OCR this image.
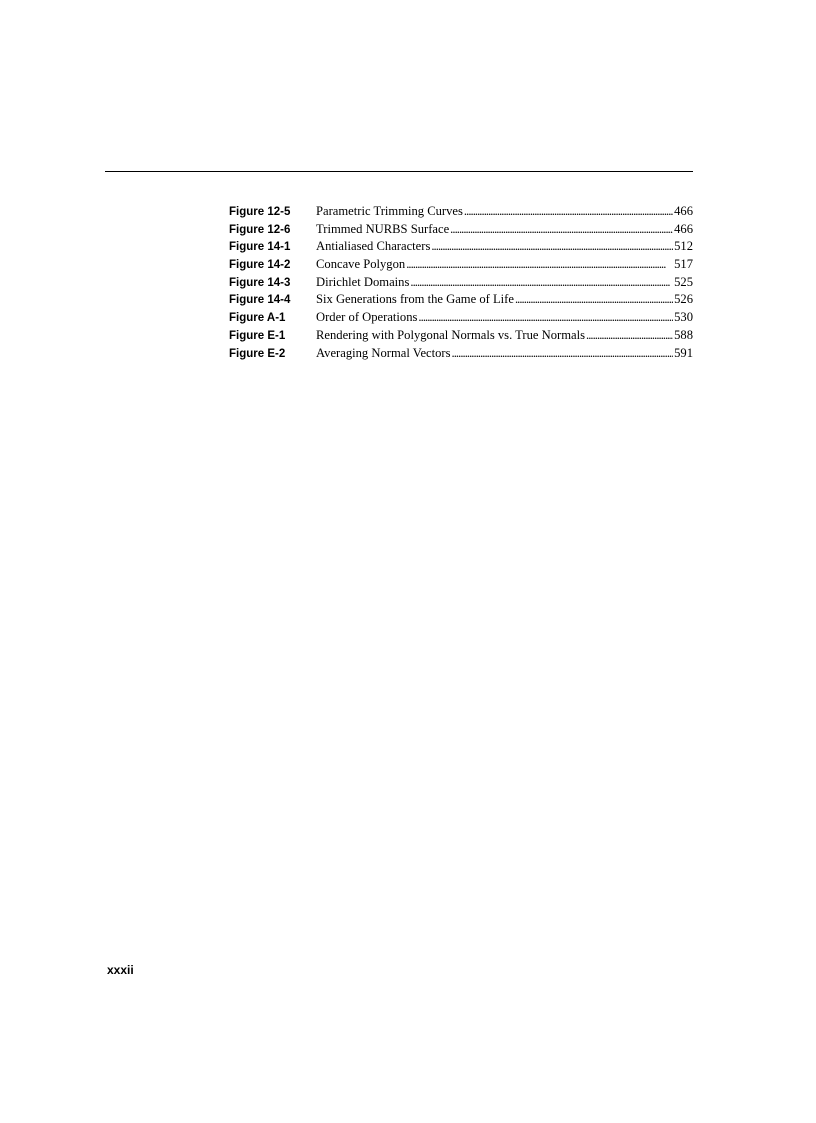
Figure 12-5	Parametric Trimming Curves . . .	466
Figure 12-6	Trimmed NURBS Surface . . .	466
Figure 14-1	Antialiased Characters . . .	512
Figure 14-2	Concave Polygon . . .	517
Figure 14-3	Dirichlet Domains . . .	525
Figure 14-4	Six Generations from the Game of Life . . .	526
Figure A-1	Order of Operations . . .	530
Figure E-1	Rendering with Polygonal Normals vs. True Normals . . .	588
Figure E-2	Averaging Normal Vectors . . .	591
xxxii
